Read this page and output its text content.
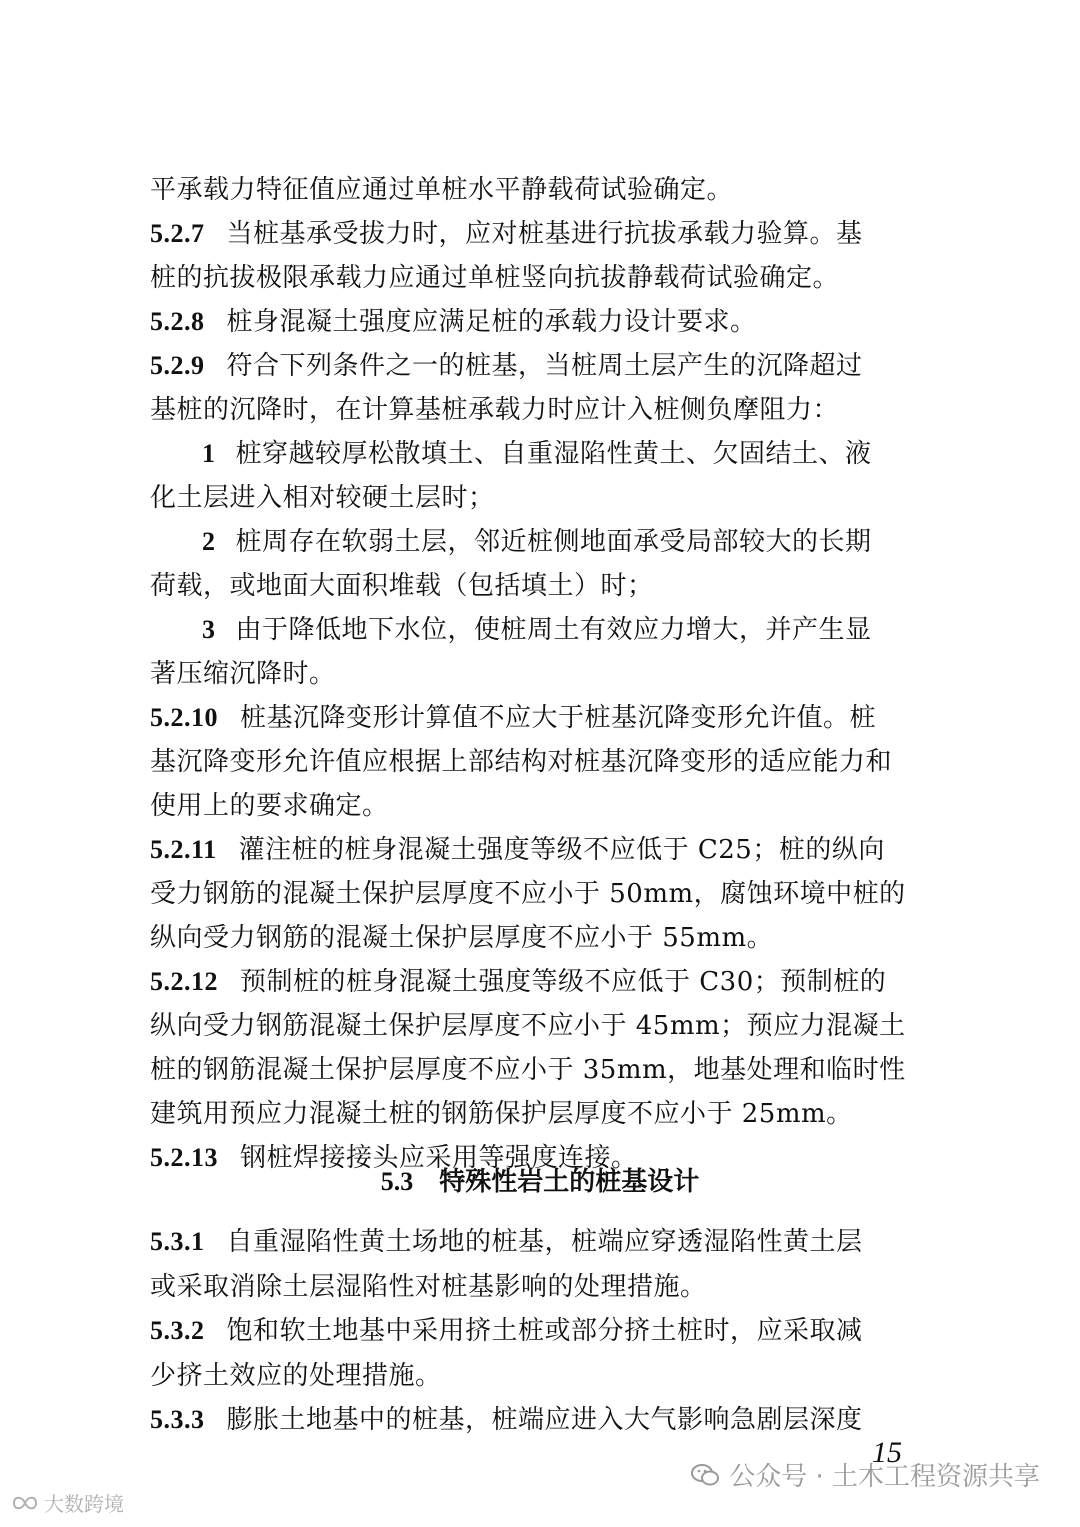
平承载力特征值应通过单桩水平静载荷试验确定。
5.2.7 当桩基承受拔力时，应对桩基进行抗拔承载力验算。基
桩的抗拔极限承载力应通过单桩竖向抗拔静载荷试验确定。
5.2.8 桩身混凝土强度应满足桩的承载力设计要求。
5.2.9 符合下列条件之一的桩基，当桩周土层产生的沉降超过
基桩的沉降时，在计算基桩承载力时应计入桩侧负摩阻力：
1 桩穿越较厚松散填土、自重湿陷性黄土、欠固结土、液
化土层进入相对较硬土层时；
2 桩周存在软弱土层，邻近桩侧地面承受局部较大的长期
荷载，或地面大面积堆载（包括填土）时；
3 由于降低地下水位，使桩周土有效应力增大，并产生显
著压缩沉降时。
5.2.10 桩基沉降变形计算值不应大于桩基沉降变形允许值。桩
基沉降变形允许值应根据上部结构对桩基沉降变形的适应能力和
使用上的要求确定。
5.2.11 灌注桩的桩身混凝土强度等级不应低于 C25；桩的纵向
受力钢筋的混凝土保护层厚度不应小于 50mm，腐蚀环境中桩的
纵向受力钢筋的混凝土保护层厚度不应小于 55mm。
5.2.12 预制桩的桩身混凝土强度等级不应低于 C30；预制桩的
纵向受力钢筋混凝土保护层厚度不应小于 45mm；预应力混凝土
桩的钢筋混凝土保护层厚度不应小于 35mm，地基处理和临时性
建筑用预应力混凝土桩的钢筋保护层厚度不应小于 25mm。
5.2.13 钢桩焊接接头应采用等强度连接。
5.3.1 自重湿陷性黄土场地的桩基，桩端应穿透湿陷性黄土层
或采取消除土层湿陷性对桩基影响的处理措施。
5.3.2 饱和软土地基中采用挤土桩或部分挤土桩时，应采取减
少挤土效应的处理措施。
5.3.3 膨胀土地基中的桩基，桩端应进入大气影响急剧层深度
5.3 特殊性岩土的桩基设计
15
公众号 · 土木工程资源共享
大数跨境
